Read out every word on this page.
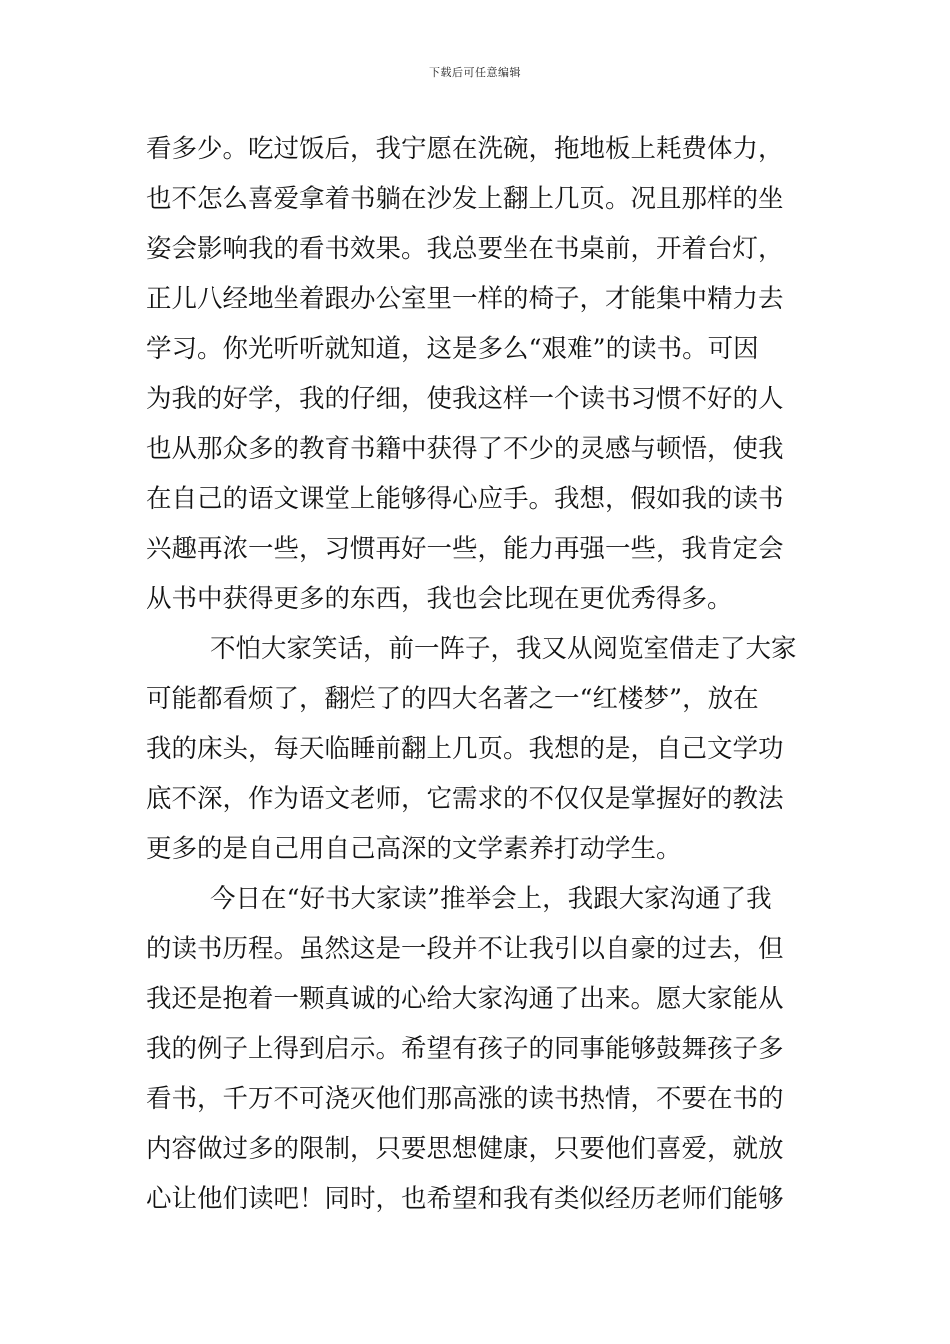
下载后可任意编辑
看多少。吃过饭后，我宁愿在洗碗，拖地板上耗费体力，
也不怎么喜爱拿着书躺在沙发上翻上几页。况且那样的坐
姿会影响我的看书效果。我总要坐在书桌前，开着台灯，
正儿八经地坐着跟办公室里一样的椅子，才能集中精力去
学习。你光听听就知道，这是多么“艰难”的读书。可因
为我的好学，我的仔细，使我这样一个读书习惯不好的人
也从那众多的教育书籍中获得了不少的灵感与顿悟，使我
在自己的语文课堂上能够得心应手。我想，假如我的读书
兴趣再浓一些，习惯再好一些，能力再强一些，我肯定会
从书中获得更多的东西，我也会比现在更优秀得多。
不怕大家笑话，前一阵子，我又从阅览室借走了大家
可能都看烦了，翻烂了的四大名著之一“红楼梦”，放在
我的床头，每天临睡前翻上几页。我想的是，自己文学功
底不深，作为语文老师，它需求的不仅仅是掌握好的教法
更多的是自己用自己高深的文学素养打动学生。
今日在“好书大家读”推举会上，我跟大家沟通了我
的读书历程。虽然这是一段并不让我引以自豪的过去，但
我还是抱着一颗真诚的心给大家沟通了出来。愿大家能从
我的例子上得到启示。希望有孩子的同事能够鼓舞孩子多
看书，千万不可浇灭他们那高涨的读书热情，不要在书的
内容做过多的限制，只要思想健康，只要他们喜爱，就放
心让他们读吧！同时，也希望和我有类似经历老师们能够
